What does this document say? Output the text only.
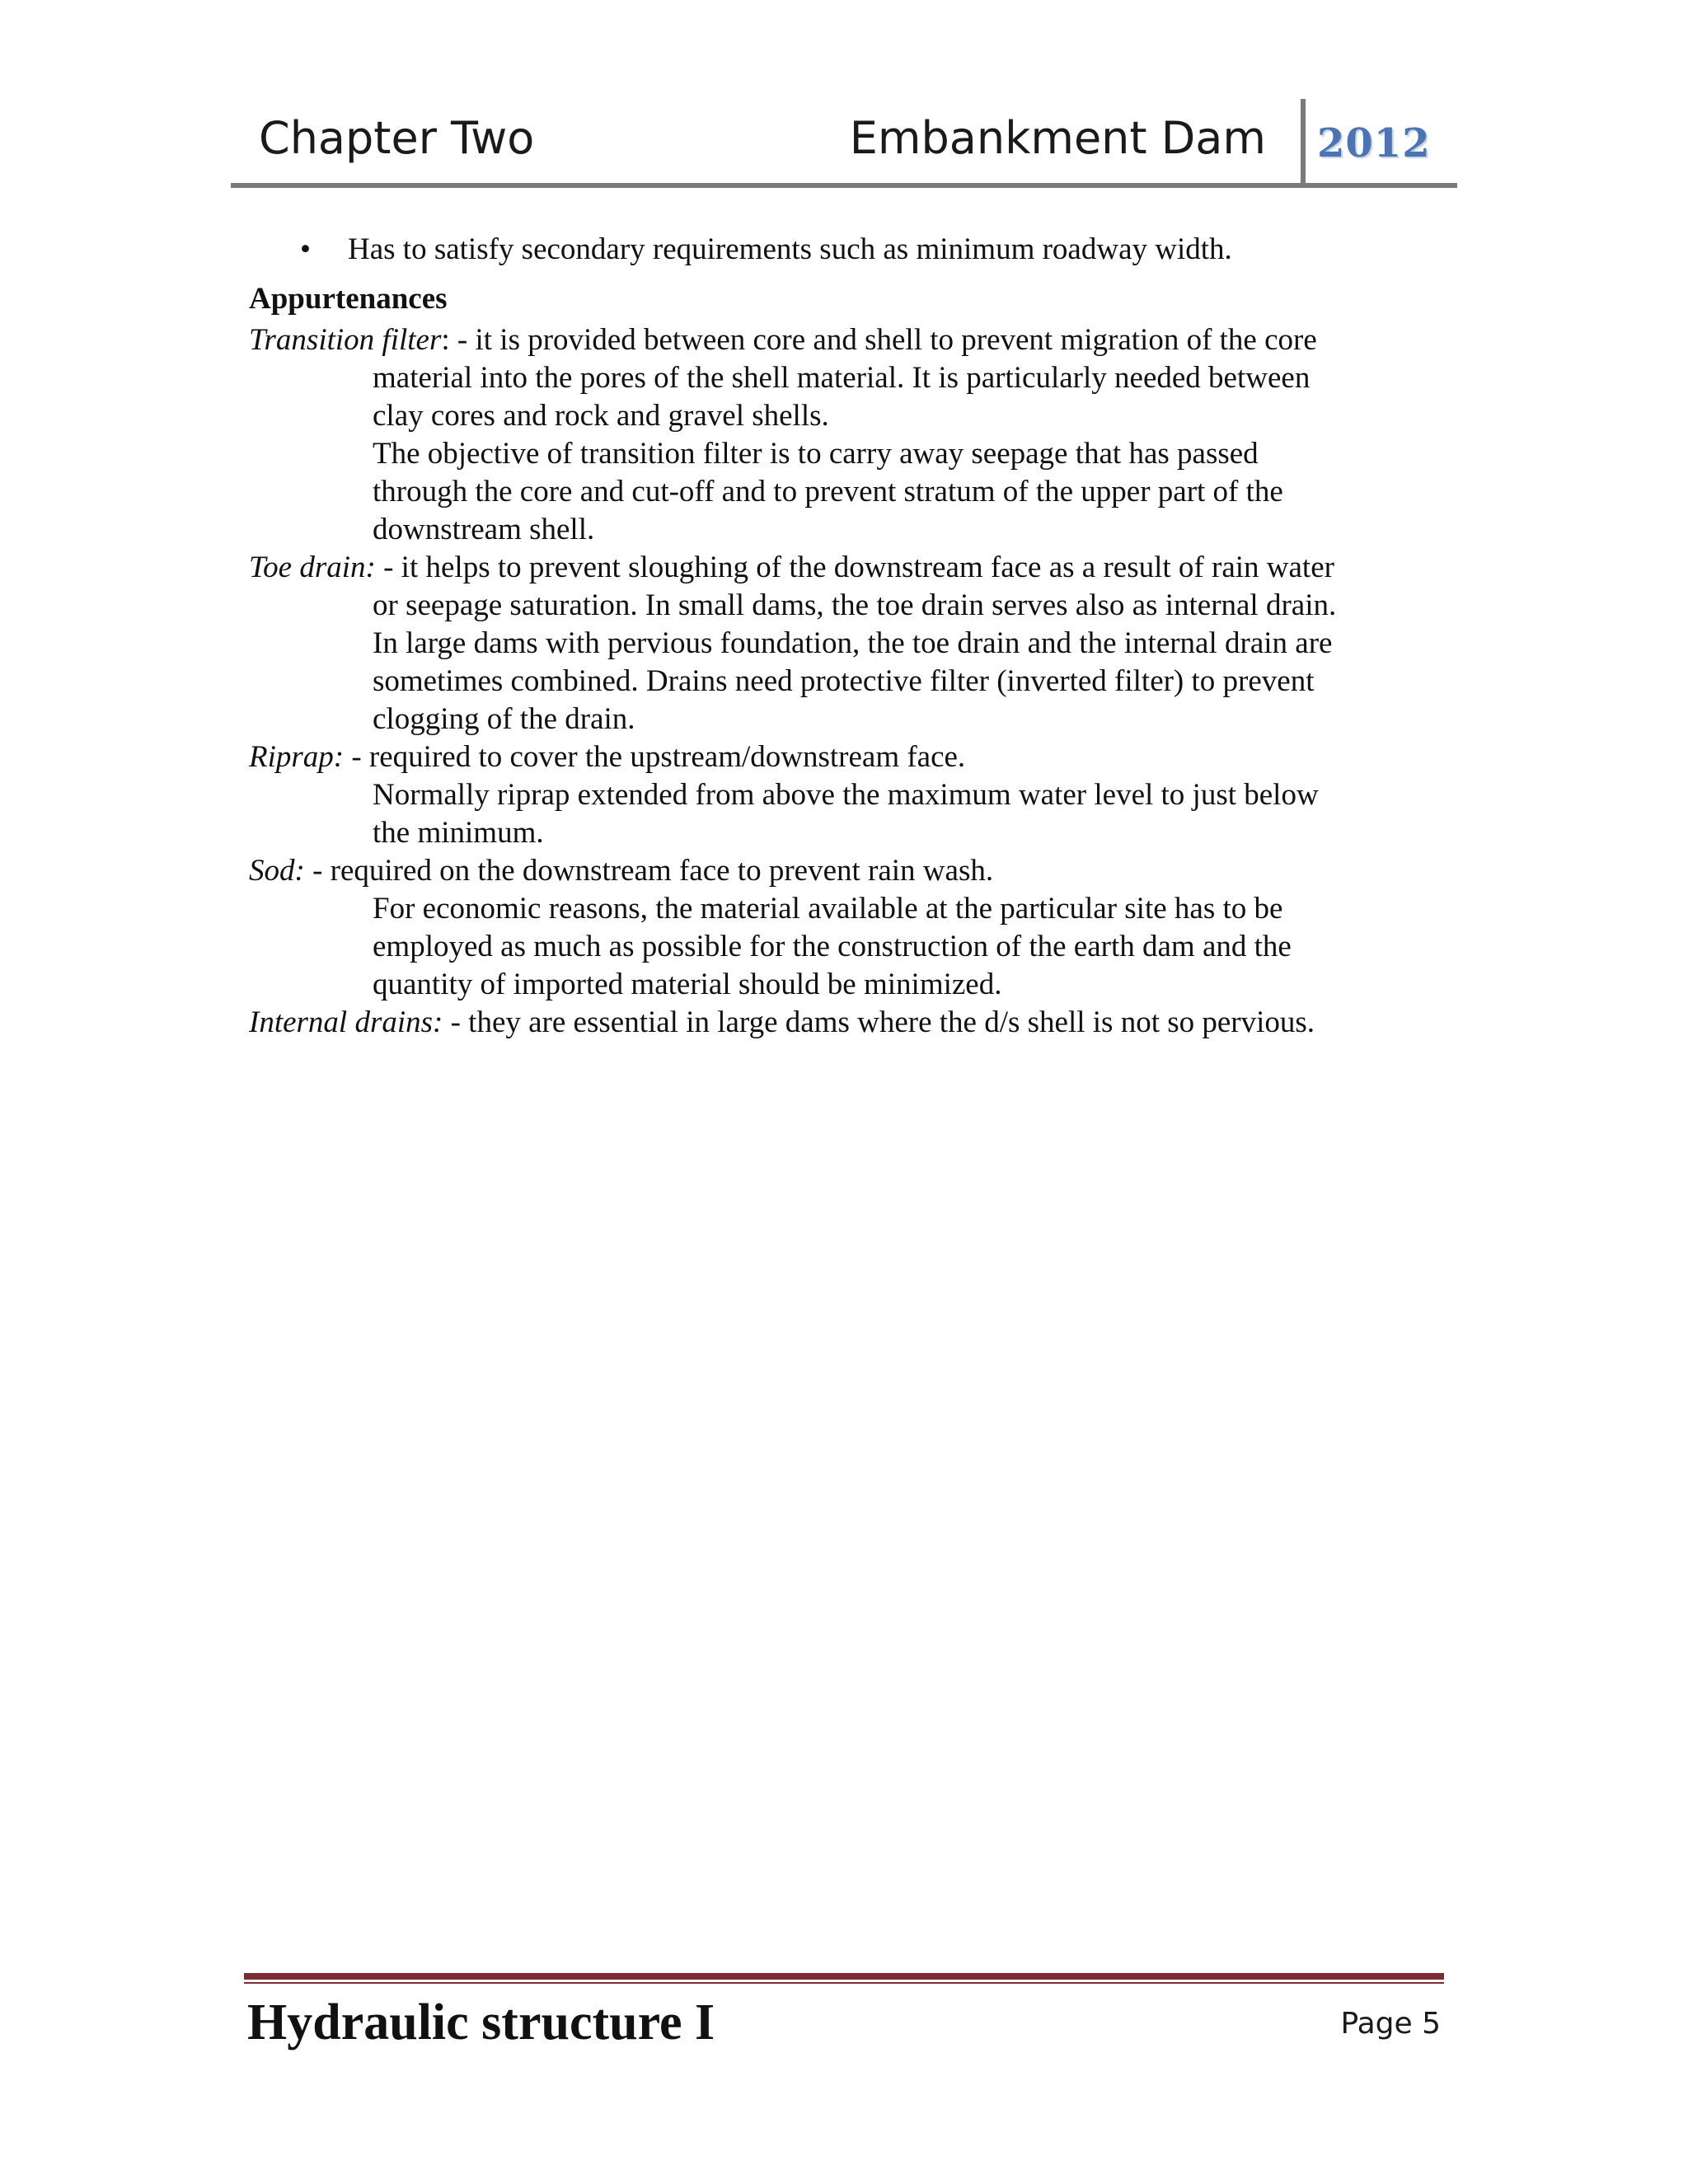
Chapter Two	Embankment Dam 2012
• Has to satisfy secondary requirements such as minimum roadway width.
Appurtenances
Transition filter: - it is provided between core and shell to prevent migration of the core
material into the pores of the shell material. It is particularly needed between
clay cores and rock and gravel shells.
The objective of transition filter is to carry away seepage that has passed
through the core and cut-off and to prevent stratum of the upper part of the
downstream shell.
Toe drain: - it helps to prevent sloughing of the downstream face as a result of rain water
or seepage saturation. In small dams, the toe drain serves also as internal drain.
In large dams with pervious foundation, the toe drain and the internal drain are
sometimes combined. Drains need protective filter (inverted filter) to prevent
clogging of the drain.
Riprap: - required to cover the upstream/downstream face.
Normally riprap extended from above the maximum water level to just below
the minimum.
Sod: - required on the downstream face to prevent rain wash.
For economic reasons, the material available at the particular site has to be
employed as much as possible for the construction of the earth dam and the
quantity of imported material should be minimized.
Internal drains: - they are essential in large dams where the d/s shell is not so pervious.
Hydraulic structure I	Page 5
